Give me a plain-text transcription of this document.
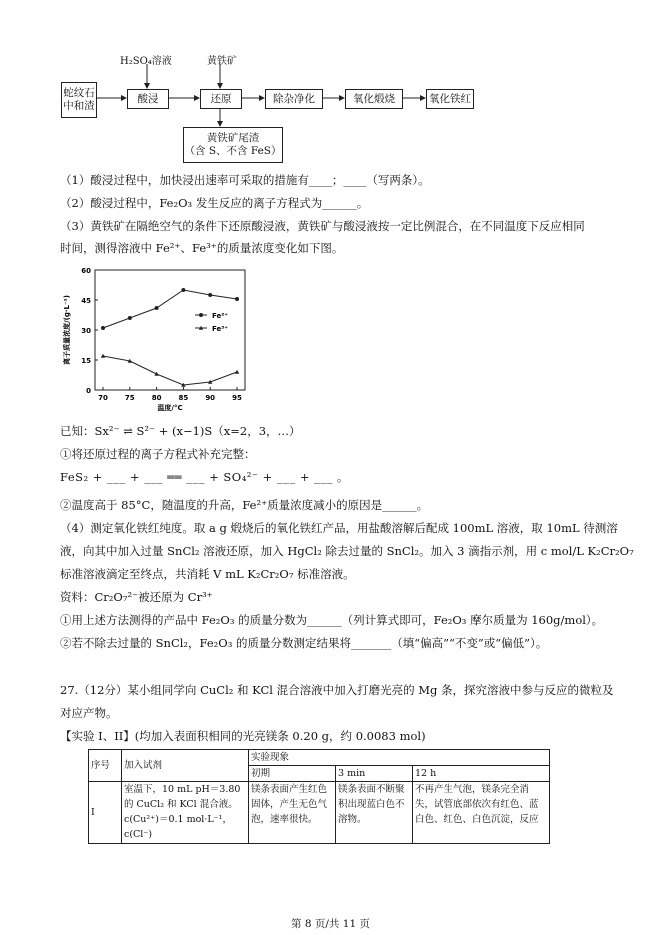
H₂SO₄溶液	黄铁矿
蛇纹石
中和渣
酸浸	还原	除杂净化	氧化煅烧	氧化铁红
黄铁矿尾渣
（含 S、不含 FeS）
（1）酸浸过程中，加快浸出速率可采取的措施有____；____（写两条）。
（2）酸浸过程中，Fe₂O₃ 发生反应的离子方程式为______。
（3）黄铁矿在隔绝空气的条件下还原酸浸液，黄铁矿与酸浸液按一定比例混合，在不同温度下反应相同
时间，测得溶液中 Fe²⁺、Fe³⁺的质量浓度变化如下图。
0
15
30
45
60
70 75 80 85 90 95
温度/°C
离子质量浓度/(g·L⁻¹)	Fe²⁺
Fe³⁺
已知：Sx²⁻ ⇌ S²⁻ + (x−1)S（x=2，3，…）
①将还原过程的离子方程式补充完整：
FeS₂ + ___ + ___ ══ ___ + SO₄²⁻ + ___ + ___ 。
②温度高于 85°C，随温度的升高，Fe²⁺质量浓度减小的原因是______。
（4）测定氧化铁红纯度。取 a g 煅烧后的氧化铁红产品，用盐酸溶解后配成 100mL 溶液，取 10mL 待测溶
液，向其中加入过量 SnCl₂ 溶液还原，加入 HgCl₂ 除去过量的 SnCl₂。加入 3 滴指示剂，用 c mol/L K₂Cr₂O₇
标准溶液滴定至终点，共消耗 V mL K₂Cr₂O₇ 标准溶液。
资料：Cr₂O₇²⁻被还原为 Cr³⁺
①用上述方法测得的产品中 Fe₂O₃ 的质量分数为______（列计算式即可，Fe₂O₃ 摩尔质量为 160g/mol）。
②若不除去过量的 SnCl₂，Fe₂O₃ 的质量分数测定结果将_______（填“偏高”“不变”或“偏低”）。
27.（12分）某小组同学向 CuCl₂ 和 KCl 混合溶液中加入打磨光亮的 Mg 条，探究溶液中参与反应的微粒及
对应产物。
【实验 I、II】(均加入表面积相同的光亮镁条 0.20 g，约 0.0083 mol)
序号	加入试剂	实验现象		
		初期	3 min	12 h
I	室温下，10 mL pH＝3.80 的 CuCl₂ 和 KCl 混合液。c(Cu²⁺)＝0.1 mol·L⁻¹，c(Cl⁻)	镁条表面产生红色固体，产生无色气泡，速率很快。	镁条表面不断聚积出现蓝白色不溶物。	不再产生气泡，镁条完全消失，试管底部依次有红色、蓝白色、红色、白色沉淀，反应
第 8 页/共 11 页
